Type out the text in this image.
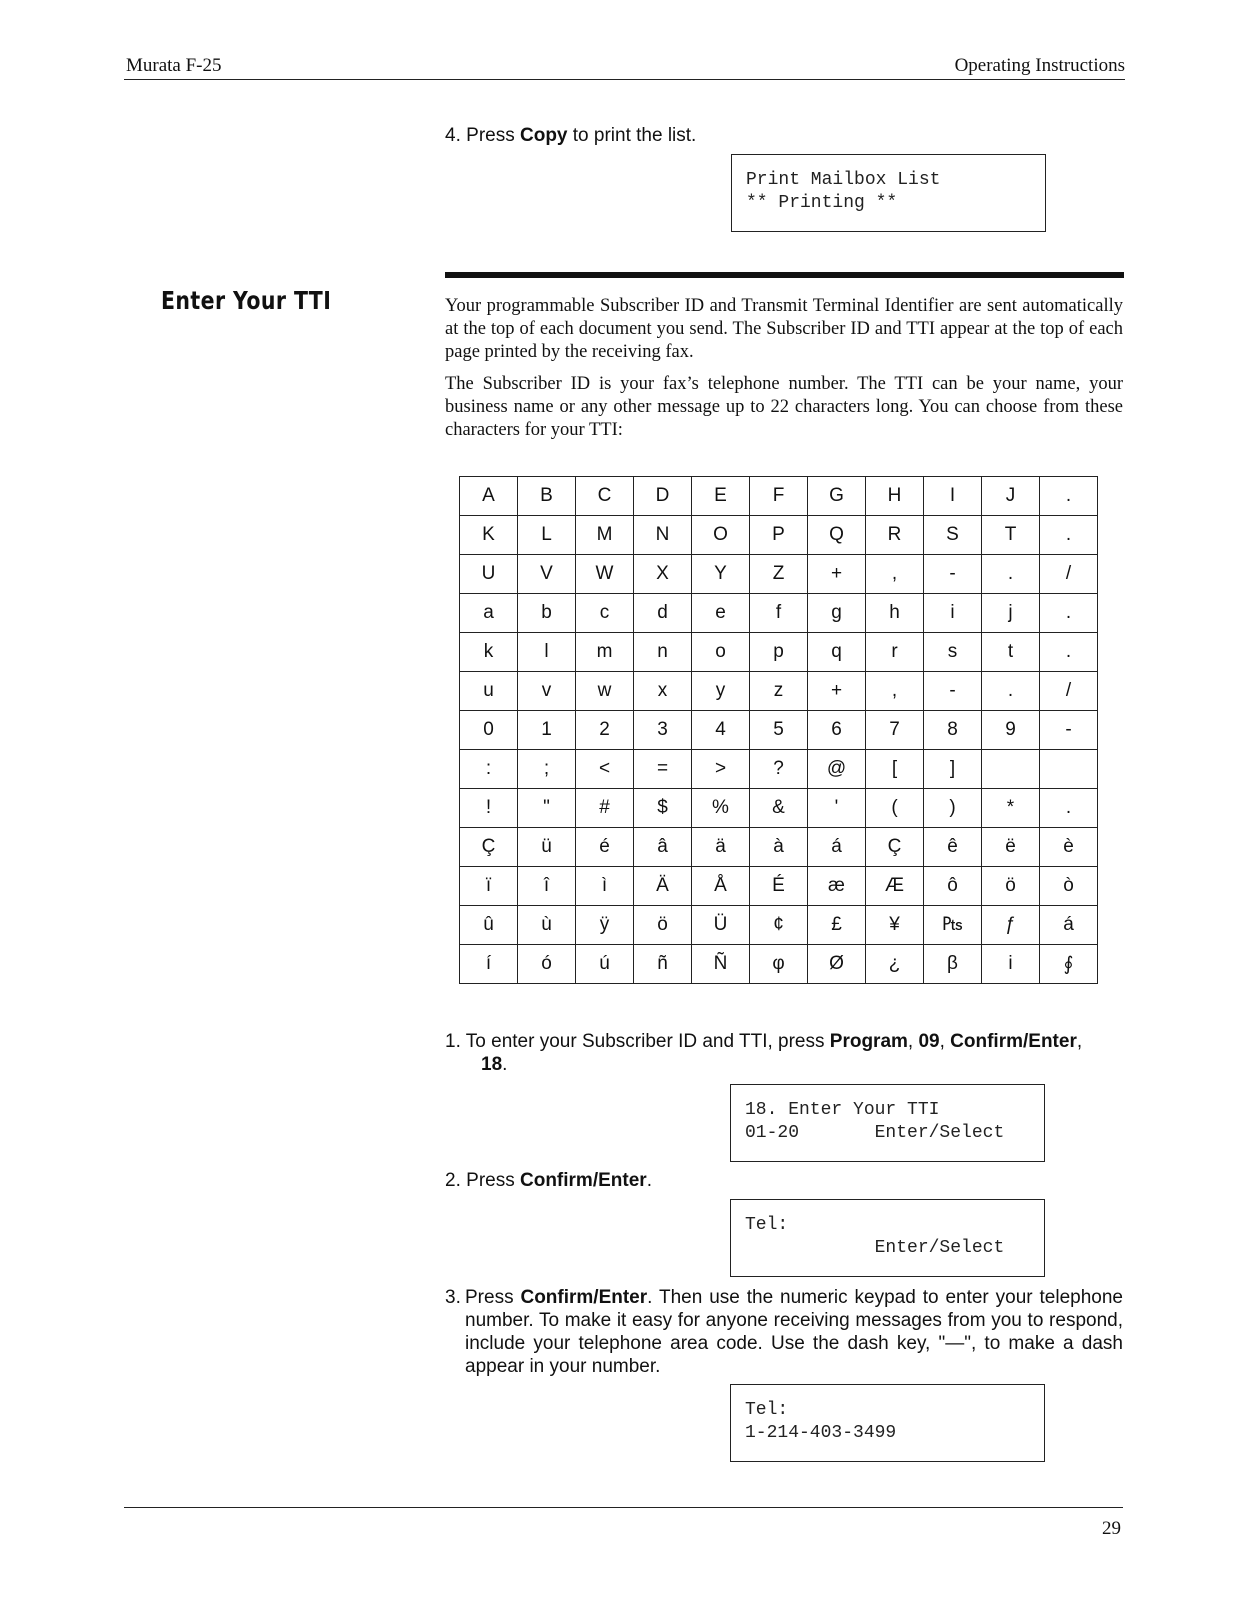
Murata F-25	Operating Instructions
4. Press Copy to print the list.
Print Mailbox List
** Printing **
Enter Your TTI	Your programmable Subscriber ID and Transmit Terminal Identifier are sent automatically at the top of each document you send. The Subscriber ID and TTI appear at the top of each page printed by the receiving fax.

The Subscriber ID is your fax’s telephone number. The TTI can be your name, your business name or any other message up to 22 characters long. You can choose from these characters for your TTI:

A	B	C	D	E	F	G	H	I	J	.
K	L	M	N	O	P	Q	R	S	T	.
U	V	W	X	Y	Z	+	,	-	.	/
a	b	c	d	e	f	g	h	i	j	.
k	l	m	n	o	p	q	r	s	t	.
u	v	w	x	y	z	+	,	-	.	/
0	1	2	3	4	5	6	7	8	9	-
:	;	<	=	>	?	@	[	]		
!	"	#	$	%	&	'	(	)	*	.
Ç	ü	é	â	ä	à	á	Ç	ê	ë	è
ï	î	ì	Ä	Å	É	æ	Æ	ô	ö	ò
û	ù	ÿ	ö	Ü	¢	£	¥	₧	ƒ	á
í	ó	ú	ñ	Ñ	φ	Ø	¿	β	i	∮
1. To enter your Subscriber ID and TTI, press Program, 09, Confirm/Enter,
18.
18. Enter Your TTI
01-20       Enter/Select
2. Press Confirm/Enter.
Tel:
Enter/Select
3. Press Confirm/Enter. Then use the numeric keypad to enter your telephone number. To make it easy for anyone receiving messages from you to respond, include your telephone area code. Use the dash key, "—", to make a dash appear in your number.
Tel:
1-214-403-3499
29
